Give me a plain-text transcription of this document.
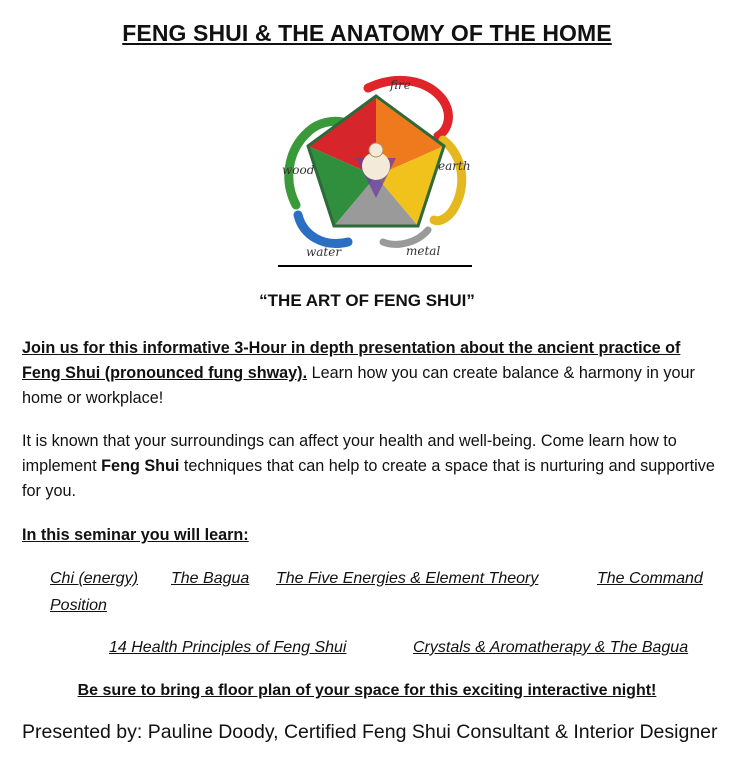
FENG SHUI & THE ANATOMY OF THE HOME
fire
earth
metal
water
wood
“THE ART OF FENG SHUI”
Join us for this informative 3-Hour in depth presentation about the ancient practice of Feng Shui (pronounced fung shway). Learn how you can create balance & harmony in your home or workplace!
It is known that your surroundings can affect your health and well-being. Come learn how to implement Feng Shui techniques that can help to create a space that is nurturing and supportive for you.
In this seminar you will learn:
Chi (energy) The Bagua The Five Energies & Element Theory	The Command
Position
14 Health Principles of Feng Shui	Crystals & Aromatherapy & The Bagua
Be sure to bring a floor plan of your space for this exciting interactive night!
Presented by: Pauline Doody, Certified Feng Shui Consultant & Interior Designer
